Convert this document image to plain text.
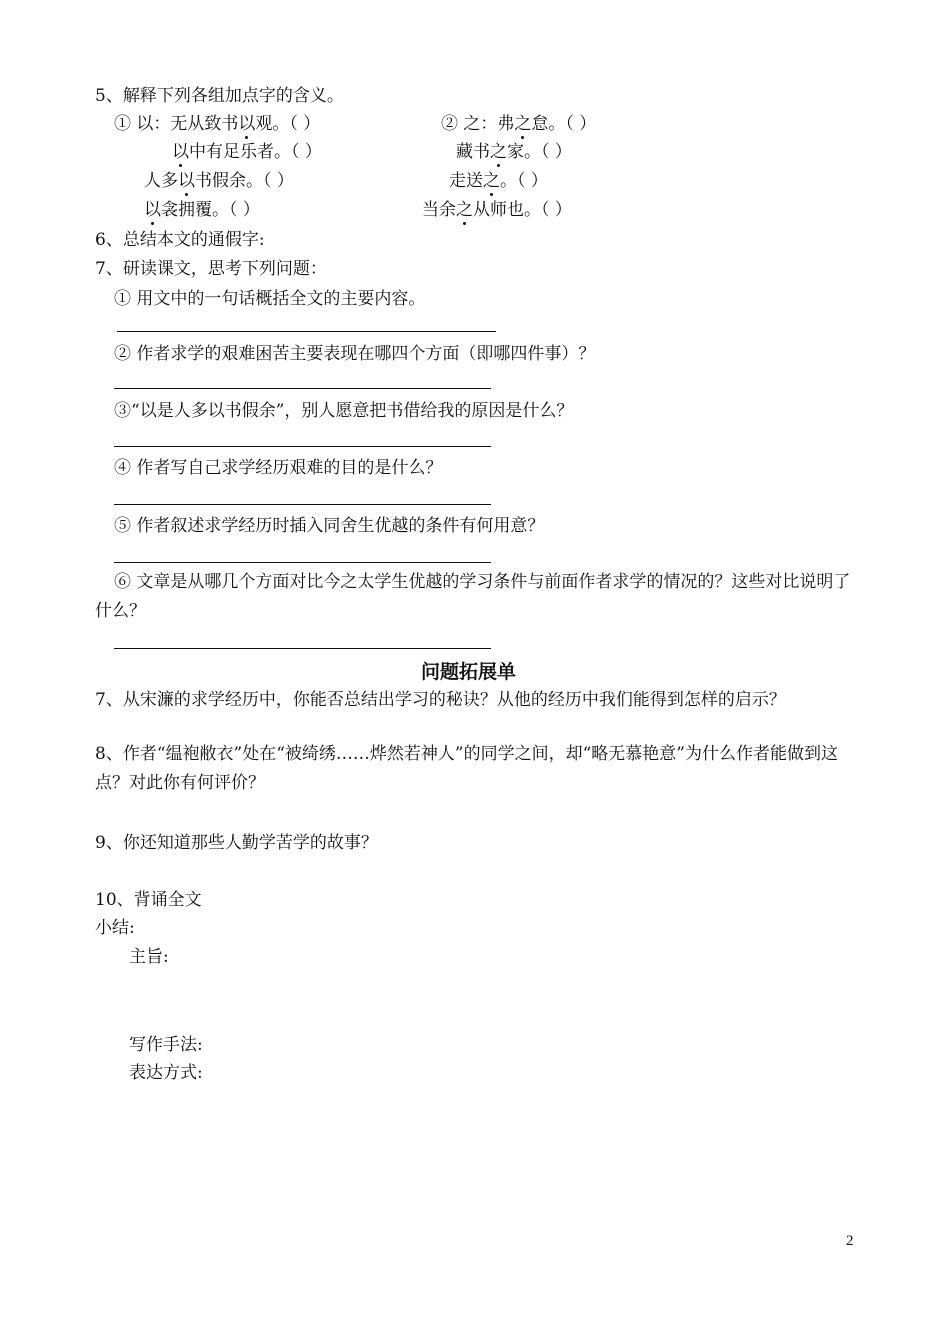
5、解释下列各组加点字的含义。
① 以：无从致书以观。（ ）	② 之：弗之怠。（ ）
以中有足乐者。（ ）	藏书之家。（ ）
人多以书假余。（ ）	走送之。（ ）
以衾拥覆。（ ）	当余之从师也。（ ）
6、总结本文的通假字:
7、研读课文，思考下列问题：
① 用文中的一句话概括全文的主要内容。
② 作者求学的艰难困苦主要表现在哪四个方面（即哪四件事）？
③“以是人多以书假余”，别人愿意把书借给我的原因是什么？
④ 作者写自己求学经历艰难的目的是什么？
⑤ 作者叙述求学经历时插入同舍生优越的条件有何用意？
⑥ 文章是从哪几个方面对比今之太学生优越的学习条件与前面作者求学的情况的？这些对比说明了什么？
问题拓展单
7、从宋濂的求学经历中，你能否总结出学习的秘诀？从他的经历中我们能得到怎样的启示？
8、作者“缊袍敝衣”处在“被绮绣……烨然若神人”的同学之间，却“略无慕艳意”为什么作者能做到这点？对此你有何评价？
9、你还知道那些人勤学苦学的故事？
10、背诵全文
小结:
主旨:
写作手法:
表达方式:
2
